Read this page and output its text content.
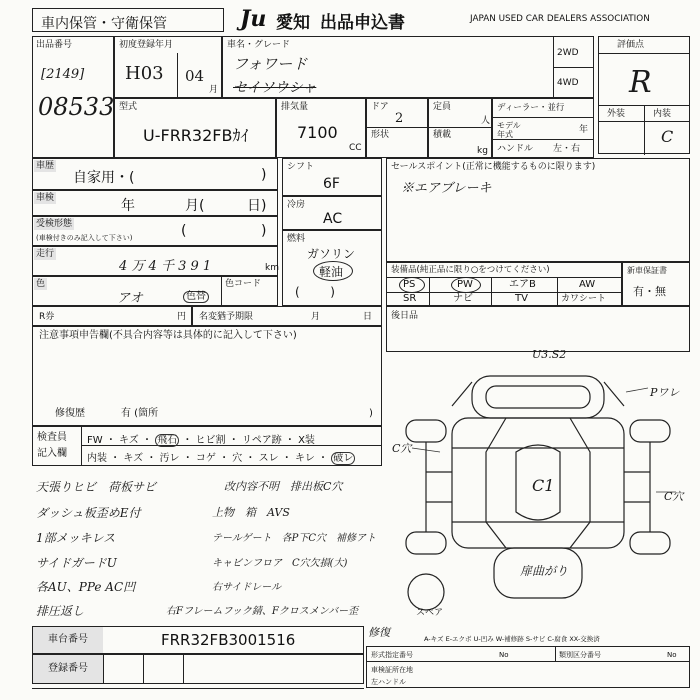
車内保管・守衛保管	Ju 愛知 出品申込書	JAPAN USED CAR DEALERS ASSOCIATION
出品番号
[2149]
08533
初度登録年月
H03 04
月
車名・グレード
フォワード
セイソウシャ
2WD
4WD
評価点
R
外装	内装
C
型式
U-FRR32FBｶｲ
排気量
7100
CC
ドア
2
形状
定員
人
積載
kg
ディーラー・並行
モデル年式	年
ハンドル 左・右
車歴
自家用・(	)
車検	年	月(	日)
受検形態
(車検付きのみ記入して下さい)	(	)
走行
4 万 4 千 3 9 1	km
色
アオ	色替
色コード
シフト
6F
冷房
AC
燃料
ガソリン
軽油
(        )
セールスポイント(正常に機能するものに限ります)
※エアブレーキ
装備品(純正品に限り○をつけてください)
PS	PW	エアB	AW
SR	ナビ	TV	カワシート
新車保証書
有・無
R券	円 名変猶予期限	月	日 後日品
注意事項申告欄(不具合内容等は具体的に記入して下さい)
修復歴	有 (箇所	)
検査員
記入欄
FW ・ キズ ・ 飛石 ・ ヒビ割 ・ リペア跡 ・ X装
内装 ・ キズ ・ 汚レ ・ コゲ ・ 穴 ・ スレ ・ キレ ・ 破レ
天張りヒビ　荷板サビ
ダッシュ板歪めE付
1部メッキレス
サイドガードU
各AU、PPe AC凹
排圧返し
改内容不明　排出板C穴
上物　箱　AVS
テールゲート　各P下C穴　補修アト
キャビンフロア　C穴欠損(大)
右サイドレール
右Fフレームフック錆、Fクロスメンバー歪
U3.S2
Pワレ
C穴
C穴
C1
扉曲がり
スペア
車台番号	FRR32FB3001516
登録番号
修復	A-キズ E-エクボ U-凹み W-補修跡 S-サビ C-腐食 XX-交換済
形式指定番号	No	類別区分番号	No
車検証所在地
左ハンドル
